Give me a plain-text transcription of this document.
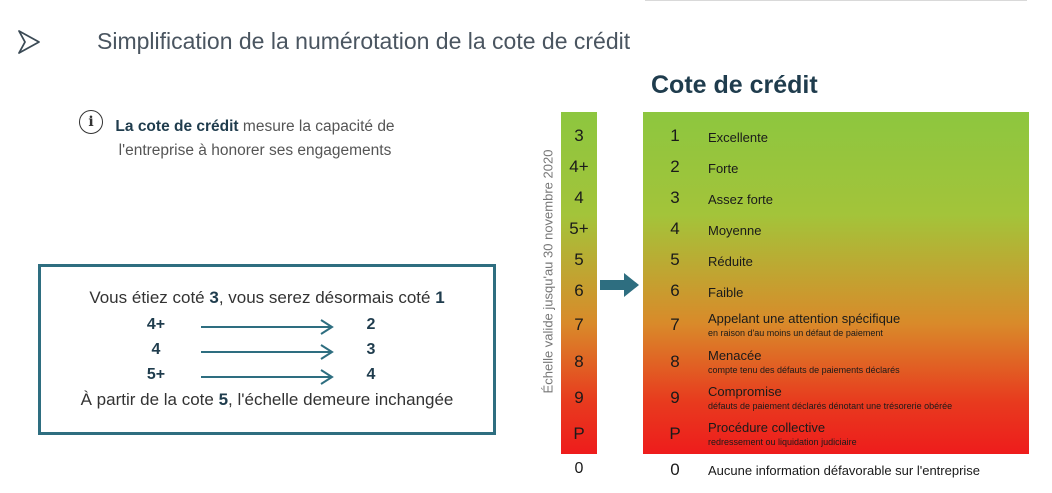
Simplification de la numérotation de la cote de crédit
i	La cote de crédit mesure la capacité de l'entreprise à honorer ses engagements
Vous étiez coté 3, vous serez désormais coté 1
4+	2
4	3
5+	4
À partir de la cote 5, l'échelle demeure inchangée
Échelle valide jusqu'au 30 novembre 2020
3
4+
4
5+
5
6
7
8
9
P
0
Cote de crédit
1	Excellente
2	Forte
3	Assez forte
4	Moyenne
5	Réduite
6	Faible
7	Appelant une attention spécifique
en raison d'au moins un défaut de paiement
8	Menacée
compte tenu des défauts de paiements déclarés
9	Compromise
défauts de paiement déclarés dénotant une trésorerie obérée
P	Procédure collective
redressement ou liquidation judiciaire
0	Aucune information défavorable sur l'entreprise
